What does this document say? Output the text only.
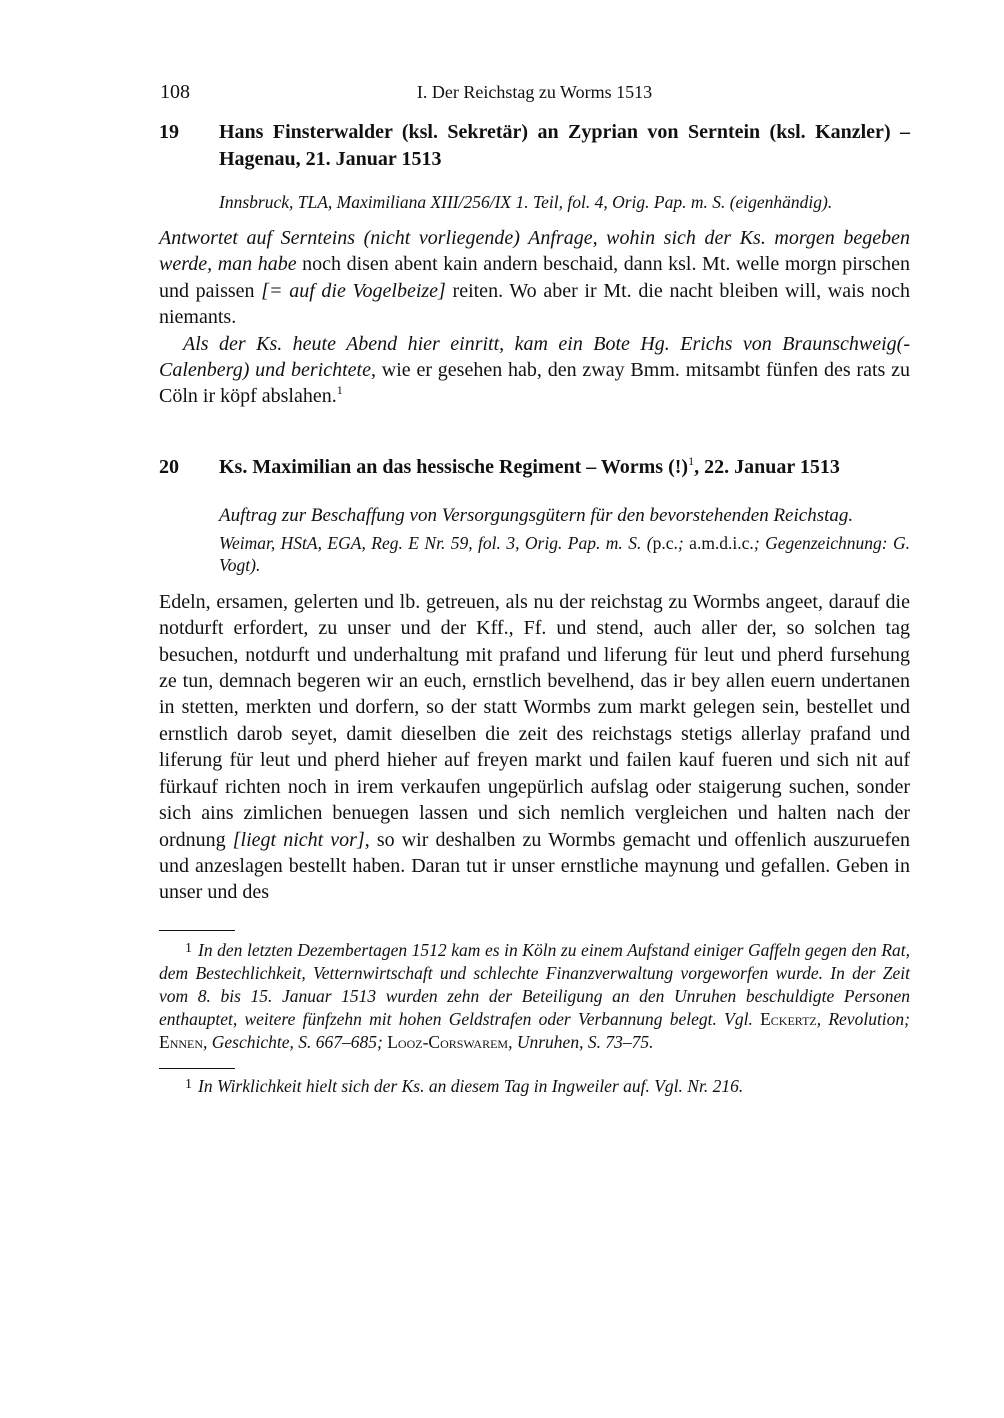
108	I. Der Reichstag zu Worms 1513
19	Hans Finsterwalder (ksl. Sekretär) an Zyprian von Serntein (ksl. Kanzler) – Hagenau, 21. Januar 1513
Innsbruck, TLA, Maximiliana XIII/256/IX 1. Teil, fol. 4, Orig. Pap. m. S. (eigenhändig).

Antwortet auf Sernteins (nicht vorliegende) Anfrage, wohin sich der Ks. morgen begeben werde, man habe noch disen abent kain andern beschaid, dann ksl. Mt. welle morgn pirschen und paissen [= auf die Vogelbeize] reiten. Wo aber ir Mt. die nacht bleiben will, wais noch niemants.

Als der Ks. heute Abend hier einritt, kam ein Bote Hg. Erichs von Braunschweig(-Calenberg) und berichtete, wie er gesehen hab, den zway Bmm. mitsambt fünfen des rats zu Cöln ir köpf abslahen.$^1$

20	Ks. Maximilian an das hessische Regiment – Worms (!)$^1$, 22. Januar 1513
Auftrag zur Beschaffung von Versorgungsgütern für den bevorstehenden Reichstag.
Weimar, HStA, EGA, Reg. E Nr. 59, fol. 3, Orig. Pap. m. S. (p.c.; a.m.d.i.c.; Gegenzeichnung: G. Vogt).

Edeln, ersamen, gelerten und lb. getreuen, als nu der reichstag zu Wormbs angeet, darauf die notdurft erfordert, zu unser und der Kff., Ff. und stend, auch aller der, so solchen tag besuchen, notdurft und underhaltung mit prafand und liferung für leut und pherd fursehung ze tun, demnach begeren wir an euch, ernstlich bevelhend, das ir bey allen euern undertanen in stetten, merkten und dorfern, so der statt Wormbs zum markt gelegen sein, bestellet und ernstlich darob seyet, damit dieselben die zeit des reichstags stetigs allerlay prafand und liferung für leut und pherd hieher auf freyen markt und failen kauf fueren und sich nit auf fürkauf richten noch in irem verkaufen ungepürlich aufslag oder staigerung suchen, sonder sich ains zimlichen benuegen lassen und sich nemlich vergleichen und halten nach der ordnung [liegt nicht vor], so wir deshalben zu Wormbs gemacht und offenlich auszuruefen und anzeslagen bestellt haben. Daran tut ir unser ernstliche maynung und gefallen. Geben in unser und des

$^1$ In den letzten Dezembertagen 1512 kam es in Köln zu einem Aufstand einiger Gaffeln gegen den Rat, dem Bestechlichkeit, Vetternwirtschaft und schlechte Finanzverwaltung vorgeworfen wurde. In der Zeit vom 8. bis 15. Januar 1513 wurden zehn der Beteiligung an den Unruhen beschuldigte Personen enthauptet, weitere fünfzehn mit hohen Geldstrafen oder Verbannung belegt. Vgl. Eckertz, Revolution; Ennen, Geschichte, S. 667–685; Looz-Corswarem, Unruhen, S. 73–75.
$^1$ In Wirklichkeit hielt sich der Ks. an diesem Tag in Ingweiler auf. Vgl. Nr. 216.
